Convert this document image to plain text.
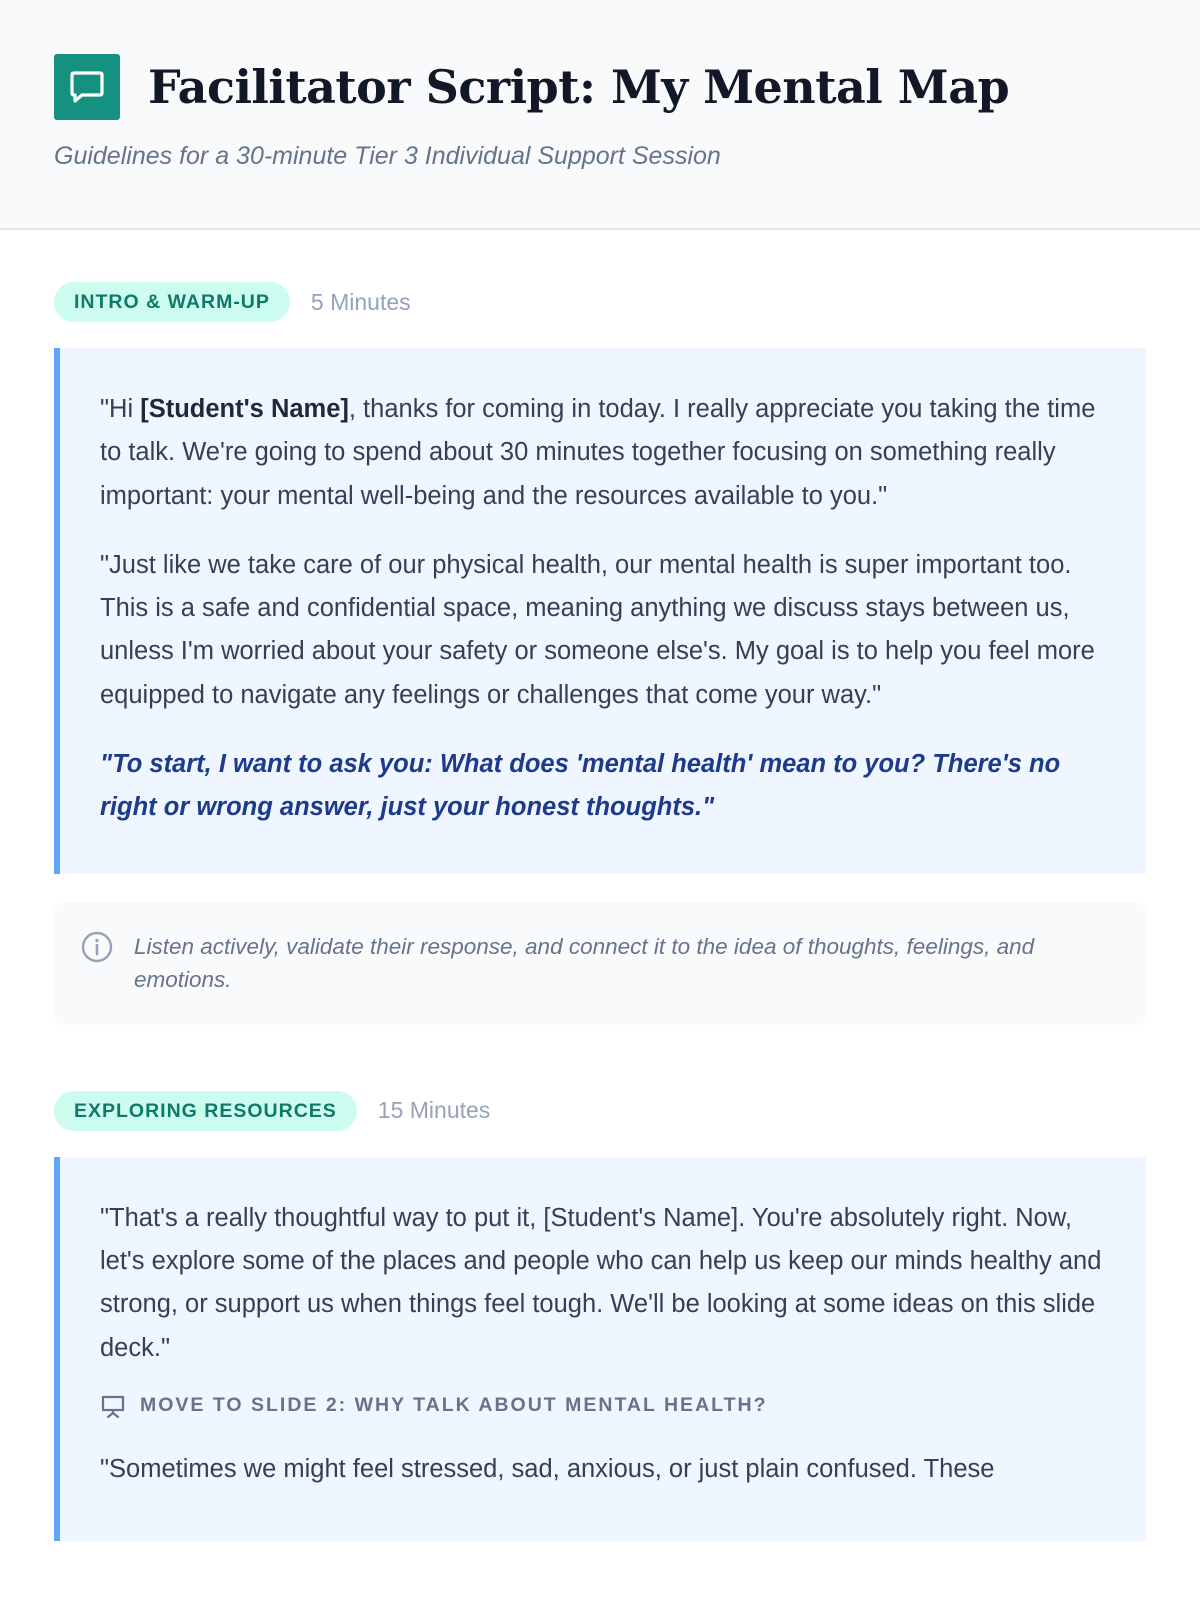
Facilitator Script: My Mental Map
Guidelines for a 30-minute Tier 3 Individual Support Session
INTRO & WARM-UP	5 Minutes

"Hi [Student's Name], thanks for coming in today. I really appreciate you taking the time to talk. We're going to spend about 30 minutes together focusing on something really important: your mental well-being and the resources available to you."

"Just like we take care of our physical health, our mental health is super important too. This is a safe and confidential space, meaning anything we discuss stays between us, unless I'm worried about your safety or someone else's. My goal is to help you feel more equipped to navigate any feelings or challenges that come your way."

"To start, I want to ask you: What does 'mental health' mean to you? There's no right or wrong answer, just your honest thoughts."

Listen actively, validate their response, and connect it to the idea of thoughts, feelings, and emotions.
EXPLORING RESOURCES	15 Minutes

"That's a really thoughtful way to put it, [Student's Name]. You're absolutely right. Now, let's explore some of the places and people who can help us keep our minds healthy and strong, or support us when things feel tough. We'll be looking at some ideas on this slide deck."

MOVE TO SLIDE 2: WHY TALK ABOUT MENTAL HEALTH?

"Sometimes we might feel stressed, sad, anxious, or just plain confused. These
